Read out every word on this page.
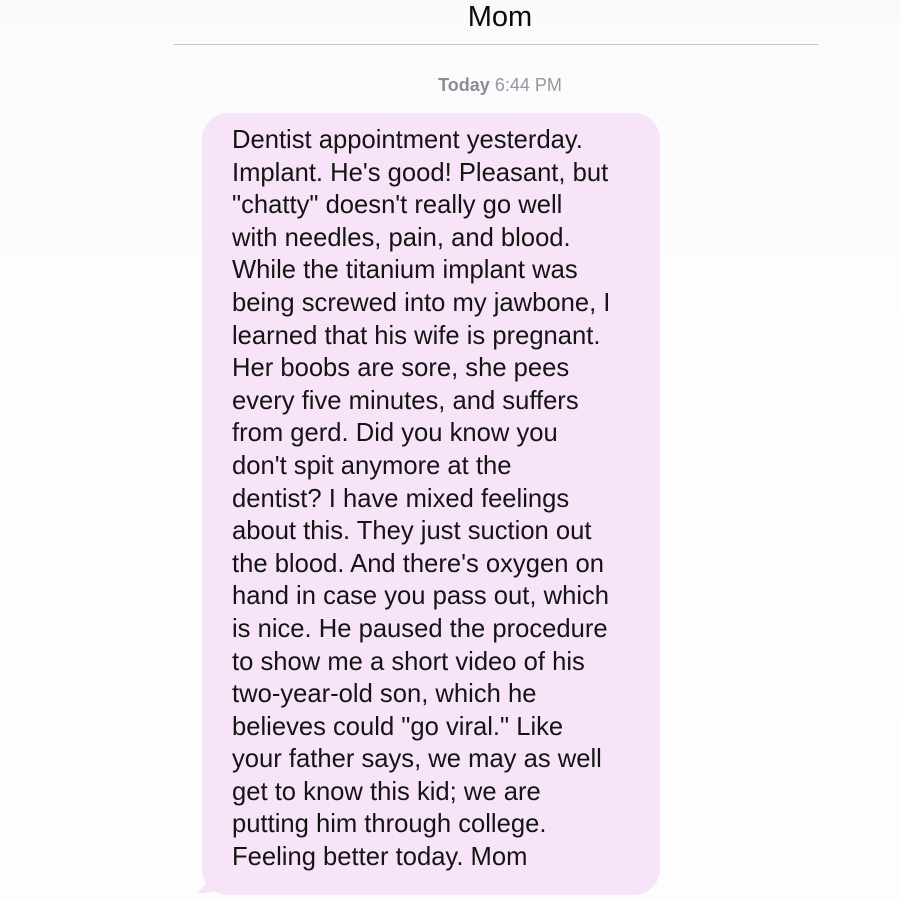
Mom
Today 6:44 PM

Dentist appointment yesterday.
Implant. He's good! Pleasant, but
"chatty" doesn't really go well
with needles, pain, and blood.
While the titanium implant was
being screwed into my jawbone, I
learned that his wife is pregnant.
Her boobs are sore, she pees
every five minutes, and suffers
from gerd. Did you know you
don't spit anymore at the
dentist? I have mixed feelings
about this. They just suction out
the blood. And there's oxygen on
hand in case you pass out, which
is nice. He paused the procedure
to show me a short video of his
two-year-old son, which he
believes could "go viral." Like
your father says, we may as well
get to know this kid; we are
putting him through college.
Feeling better today. Mom
